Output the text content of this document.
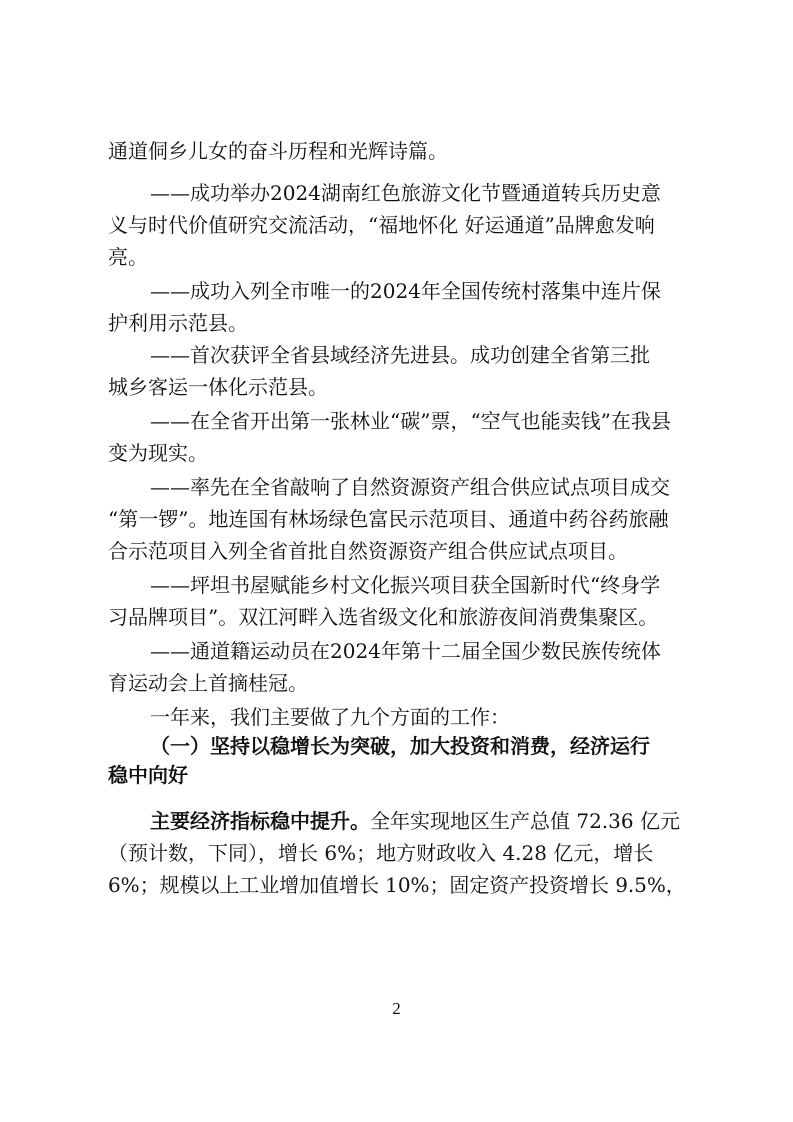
通道侗乡儿女的奋斗历程和光辉诗篇。
——成功举办2024湖南红色旅游文化节暨通道转兵历史意
义与时代价值研究交流活动，“福地怀化 好运通道”品牌愈发响
亮。
——成功入列全市唯一的2024年全国传统村落集中连片保
护利用示范县。
——首次获评全省县域经济先进县。成功创建全省第三批
城乡客运一体化示范县。
——在全省开出第一张林业“碳”票，“空气也能卖钱”在我县
变为现实。
——率先在全省敲响了自然资源资产组合供应试点项目成交
“第一锣”。地连国有林场绿色富民示范项目、通道中药谷药旅融
合示范项目入列全省首批自然资源资产组合供应试点项目。
——坪坦书屋赋能乡村文化振兴项目获全国新时代“终身学
习品牌项目”。双江河畔入选省级文化和旅游夜间消费集聚区。
——通道籍运动员在2024年第十二届全国少数民族传统体
育运动会上首摘桂冠。
一年来，我们主要做了九个方面的工作：
（一）坚持以稳增长为突破，加大投资和消费，经济运行
稳中向好
主要经济指标稳中提升。全年实现地区生产总值 72.36 亿元
（预计数，下同），增长 6%；地方财政收入 4.28 亿元，增长
6%；规模以上工业增加值增长 10%；固定资产投资增长 9.5%，
2
